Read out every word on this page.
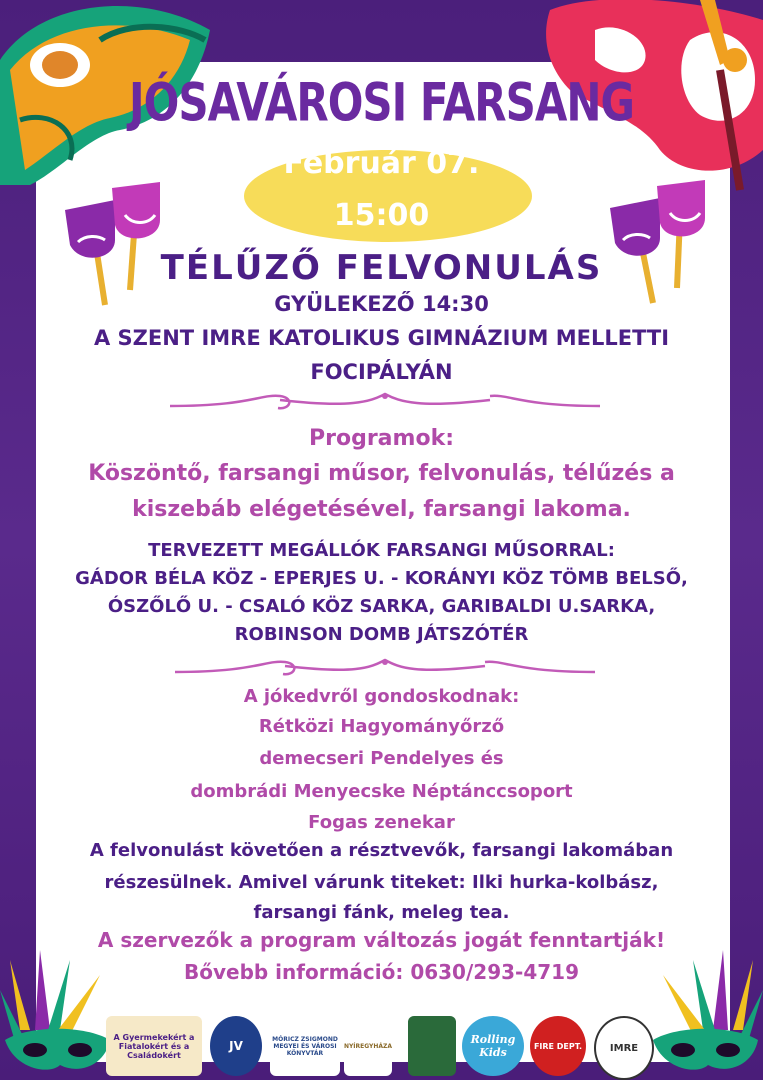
JÓSAVÁROSI FARSANG
Február 07.
15:00
TÉLŰZŐ FELVONULÁS
GYÜLEKEZŐ 14:30
A SZENT IMRE KATOLIKUS GIMNÁZIUM MELLETTI
FOCIPÁLYÁN
Programok:
Köszöntő, farsangi műsor, felvonulás, télűzés a
kiszebáb elégetésével, farsangi lakoma.
TERVEZETT MEGÁLLÓK FARSANGI MŰSORRAL:
GÁDOR BÉLA KÖZ - EPERJES U. - KORÁNYI KÖZ TÖMB BELSŐ,
ÓSZŐLŐ U. - CSALÓ KÖZ SARKA, GARIBALDI U.SARKA,
ROBINSON DOMB JÁTSZÓTÉR
A jókedvről gondoskodnak:
Rétközi Hagyományőrző
demecseri Pendelyes és
dombrádi Menyecske Néptánccsoport
Fogas zenekar
A felvonulást követően a résztvevők, farsangi lakomában
részesülnek. Amivel várunk titeket: Ilki hurka-kolbász,
farsangi fánk, meleg tea.
A szervezők a program változás jogát fenntartják!
Bővebb információ: 0630/293-4719
A Gyermekekért a Fiatalokért és a Családokért
JV	MÓRICZ ZSIGMOND MEGYEI ÉS VÁROSI KÖNYVTÁR
NYÍREGYHÁZA	Rolling Kids	FIRE DEPT.	IMRE
